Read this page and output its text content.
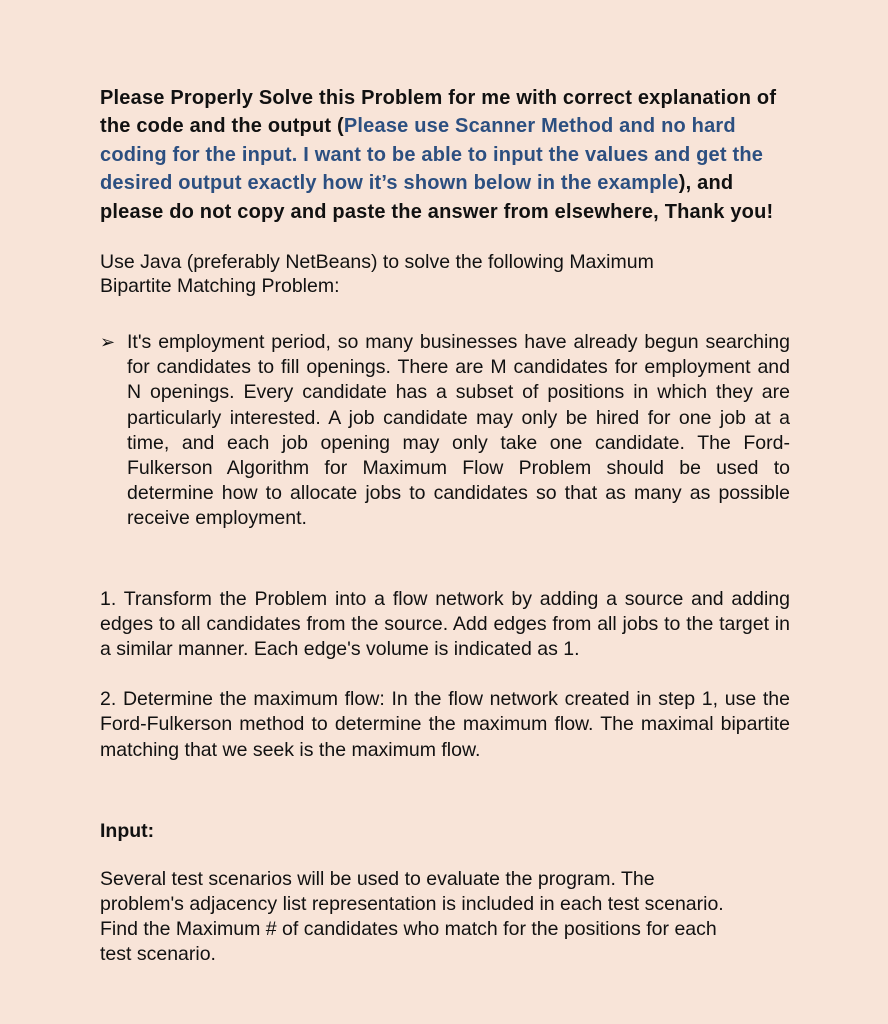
Please Properly Solve this Problem for me with correct explanation of the code and the output (Please use Scanner Method and no hard coding for the input. I want to be able to input the values and get the desired output exactly how it’s shown below in the example), and please do not copy and paste the answer from elsewhere, Thank you!

Use Java (preferably NetBeans) to solve the following Maximum Bipartite Matching Problem:

➢ It's employment period, so many businesses have already begun searching for candidates to fill openings. There are M candidates for employment and N openings. Every candidate has a subset of positions in which they are particularly interested. A job candidate may only be hired for one job at a time, and each job opening may only take one candidate. The Ford-Fulkerson Algorithm for Maximum Flow Problem should be used to determine how to allocate jobs to candidates so that as many as possible receive employment.

1. Transform the Problem into a flow network by adding a source and adding edges to all candidates from the source. Add edges from all jobs to the target in a similar manner. Each edge's volume is indicated as 1.

2. Determine the maximum flow: In the flow network created in step 1, use the Ford-Fulkerson method to determine the maximum flow. The maximal bipartite matching that we seek is the maximum flow.

Input:

Several test scenarios will be used to evaluate the program. The problem's adjacency list representation is included in each test scenario. Find the Maximum # of candidates who match for the positions for each test scenario.
